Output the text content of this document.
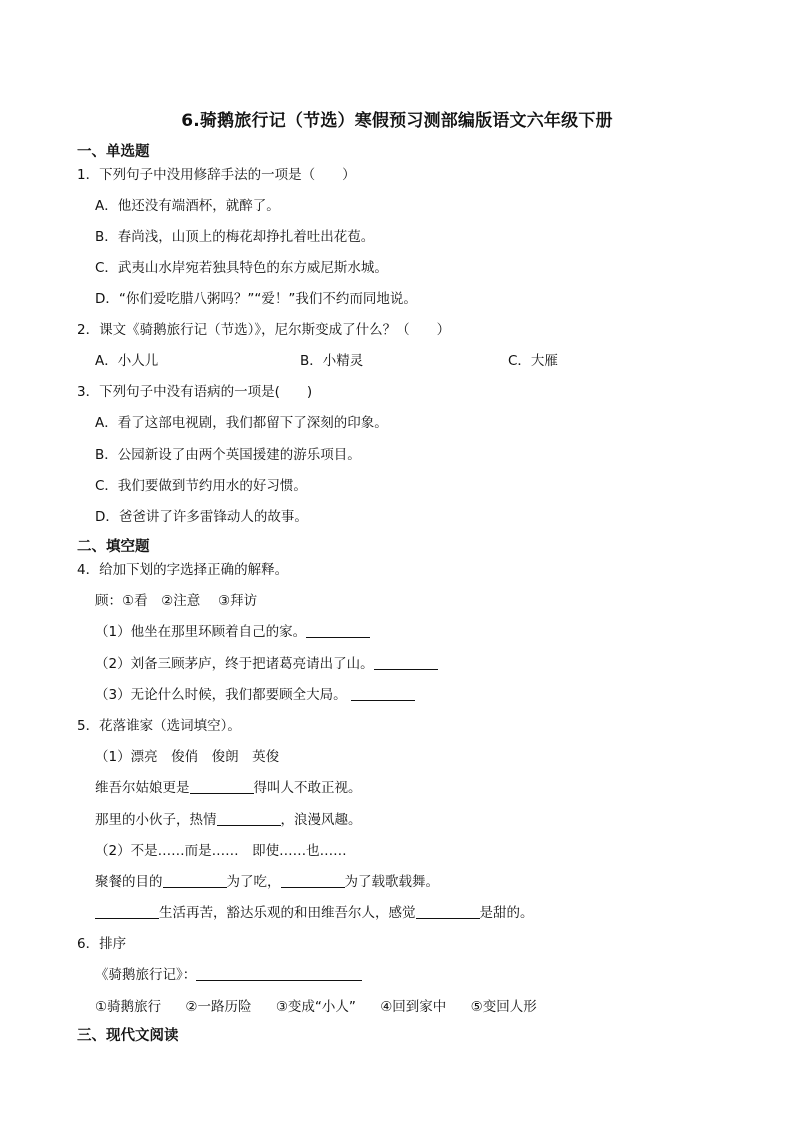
6.骑鹅旅行记（节选）寒假预习测部编版语文六年级下册
一、单选题
1．下列句子中没用修辞手法的一项是（　　）
A．他还没有端酒杯，就醉了。
B．春尚浅，山顶上的梅花却挣扎着吐出花苞。
C．武夷山水岸宛若独具特色的东方威尼斯水城。
D．“你们爱吃腊八粥吗？”“爱！”我们不约而同地说。
2．课文《骑鹅旅行记（节选）》，尼尔斯变成了什么？（　　）
A．小人儿	B．小精灵	C．大雁
3．下列句子中没有语病的一项是(　　)
A．看了这部电视剧，我们都留下了深刻的印象。
B．公园新设了由两个英国援建的游乐项目。
C．我们要做到节约用水的好习惯。
D．爸爸讲了许多雷锋动人的故事。
二、填空题
4．给加下划的字选择正确的解释。
顾：①看　②注意　 ③拜访
（1）他坐在那里环顾着自己的家。
（2）刘备三顾茅庐，终于把诸葛亮请出了山。
（3）无论什么时候，我们都要顾全大局。
5．花落谁家（选词填空）。
（1）漂亮　俊俏　俊朗　英俊
维吾尔姑娘更是	得叫人不敢正视。
那里的小伙子，热情	，浪漫风趣。
（2）不是……而是……　即使……也……
聚餐的目的	为了吃，	为了载歌载舞。
生活再苦，豁达乐观的和田维吾尔人，感觉	是甜的。
6．排序
《骑鹅旅行记》：
①骑鹅旅行 ②一路历险 ③变成“小人” ④回到家中 ⑤变回人形
三、现代文阅读
